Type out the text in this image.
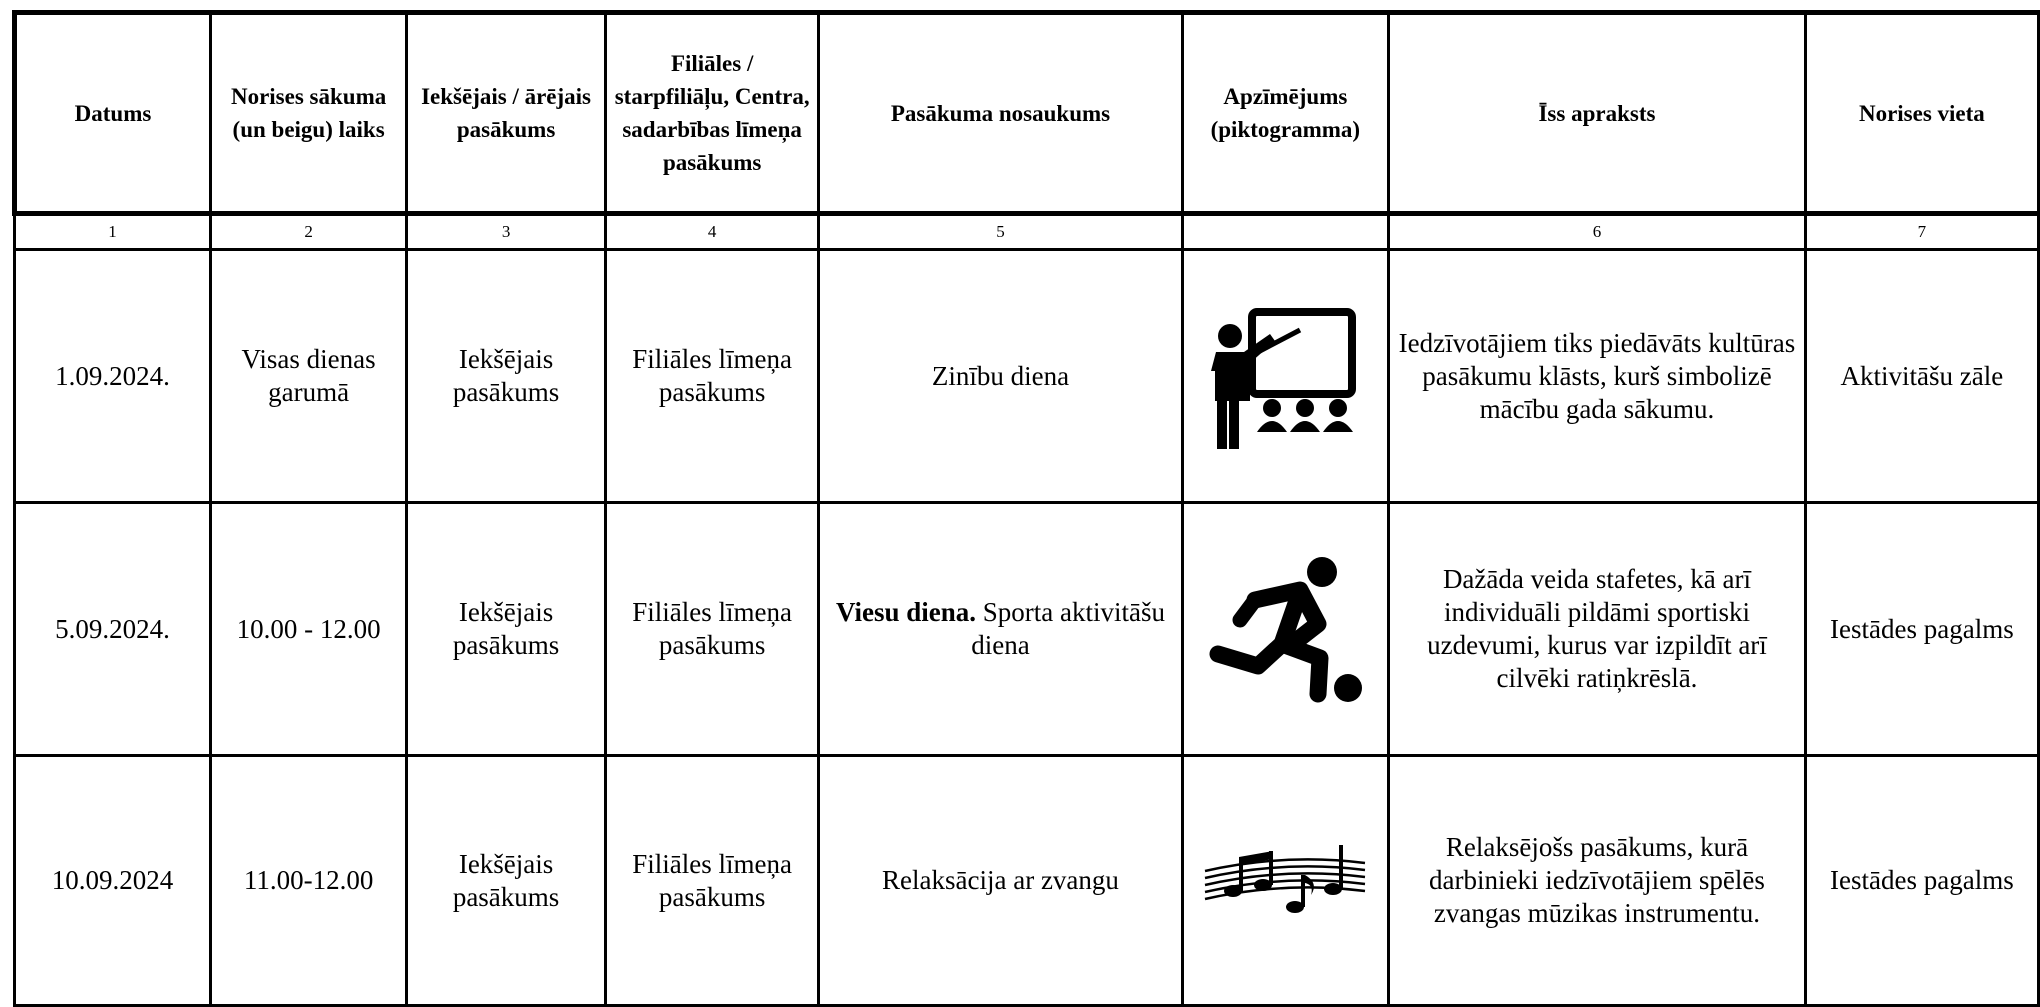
Datums	Norises sākuma (un beigu) laiks	Iekšējais / ārējais pasākums	Filiāles / starpfiliāļu, Centra, sadarbības līmeņa pasākums	Pasākuma nosaukums	Apzīmējums (piktogramma)	Īss apraksts	Norises vieta
1	2	3	4	5		6	7
1.09.2024.	Visas dienas garumā	Iekšējais pasākums	Filiāles līmeņa pasākums	Zinību diena		Iedzīvotājiem tiks piedāvāts kultūras pasākumu klāsts, kurš simbolizē mācību gada sākumu.	Aktivitāšu zāle
5.09.2024.	10.00 - 12.00	Iekšējais pasākums	Filiāles līmeņa pasākums	Viesu diena. Sporta aktivitāšu diena		Dažāda veida stafetes, kā arī individuāli pildāmi sportiski uzdevumi, kurus var izpildīt arī cilvēki ratiņkrēslā.	Iestādes pagalms
10.09.2024	11.00-12.00	Iekšējais pasākums	Filiāles līmeņa pasākums	Relaksācija ar zvangu		Relaksējošs pasākums, kurā darbinieki iedzīvotājiem spēlēs zvangas mūzikas instrumentu.	Iestādes pagalms
